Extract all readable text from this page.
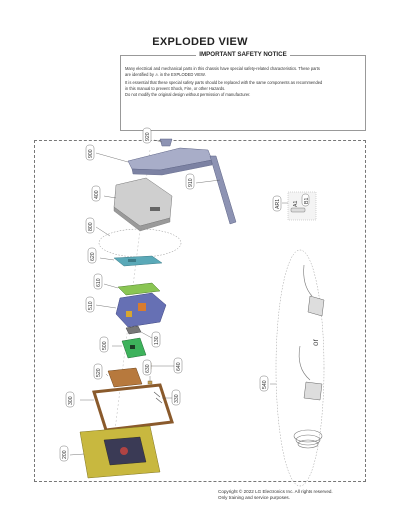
EXPLODED VIEW
IMPORTANT SAFETY NOTICE

Many electrical and mechanical parts in this chassis have special safety-related characteristics. These parts

are identified by ⚠ in the EXPLODED VIEW.

It is essential that these special safety parts should be replaced with the same components as recommended

in this manual to prevent Shock, Fire, or other Hazards.

Do not modify the original design without permission of manufacturer.

920
900
910
400
800
620
610
510
130
500
640
630
520
330
300
200
A1 B1
AR1
540
or
Copyright © 2022 LG Electronics Inc. All rights reserved.
Only training and service purposes.
